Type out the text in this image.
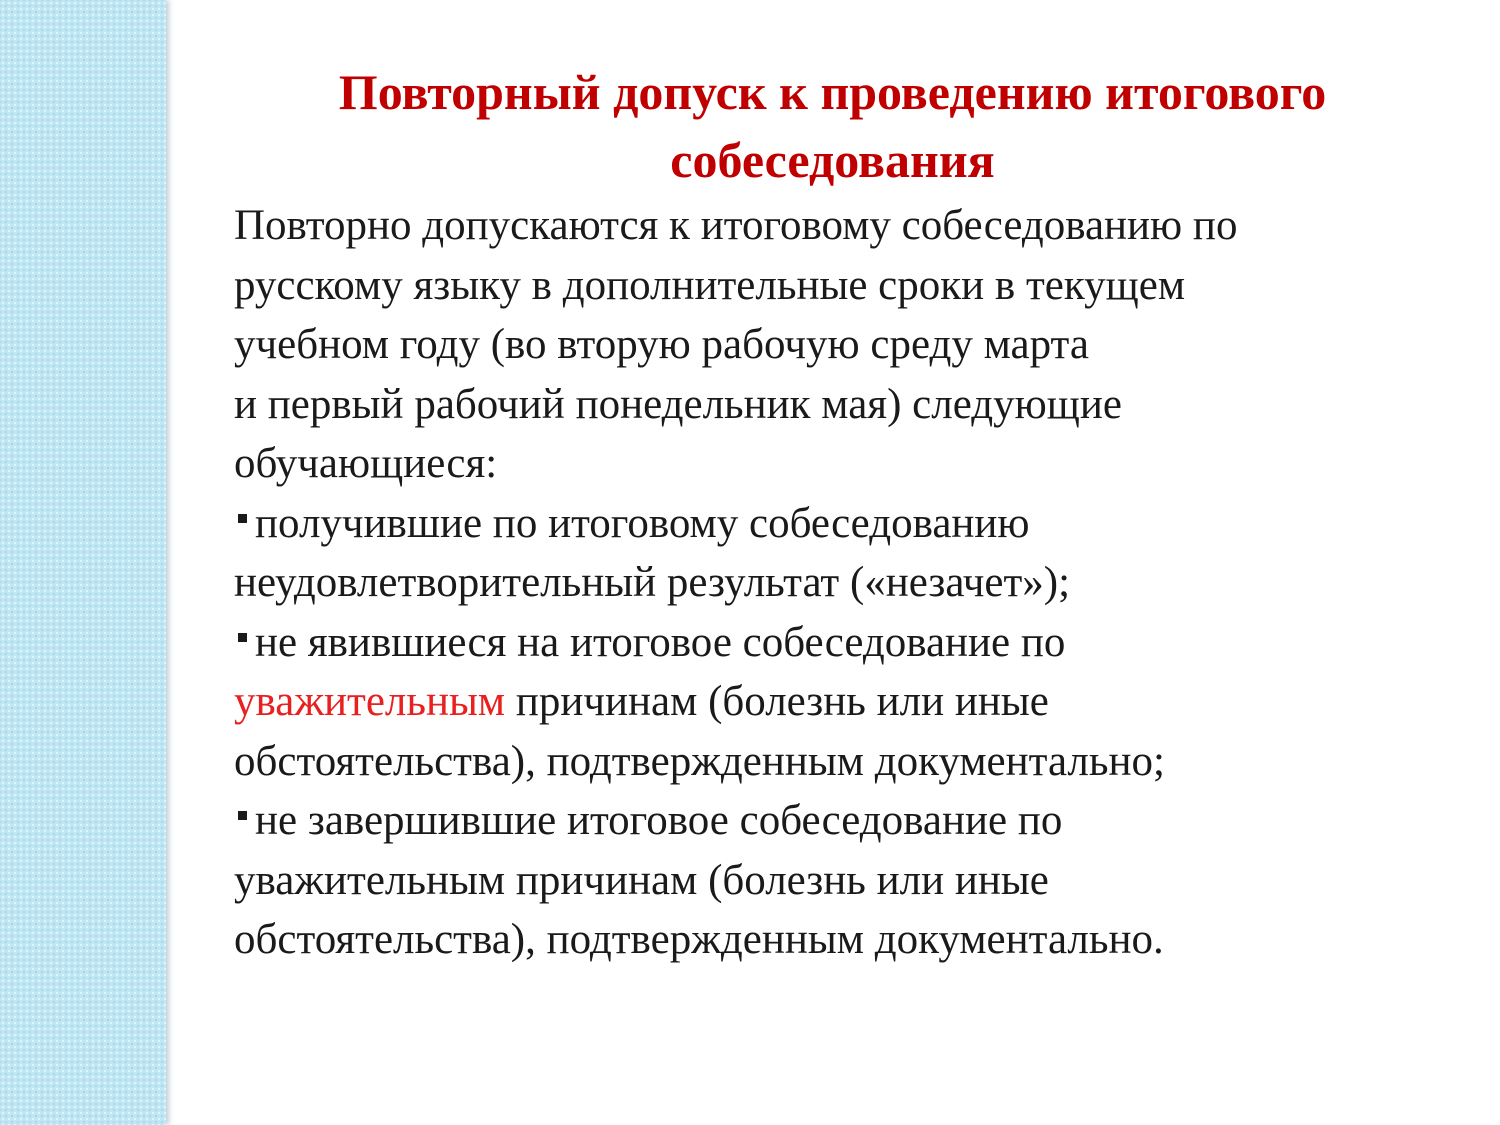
Повторный допуск к проведению итогового
собеседования

Повторно допускаются к итоговому собеседованию по
русскому языку в дополнительные сроки в текущем
учебном году (во вторую рабочую среду марта
и первый рабочий понедельник мая) следующие
обучающиеся:

получившие по итоговому собеседованию
неудовлетворительный результат («незачет»);

не явившиеся на итоговое собеседование по
уважительным причинам (болезнь или иные
обстоятельства), подтвержденным документально;

не завершившие итоговое собеседование по
уважительным причинам (болезнь или иные
обстоятельства), подтвержденным документально.
